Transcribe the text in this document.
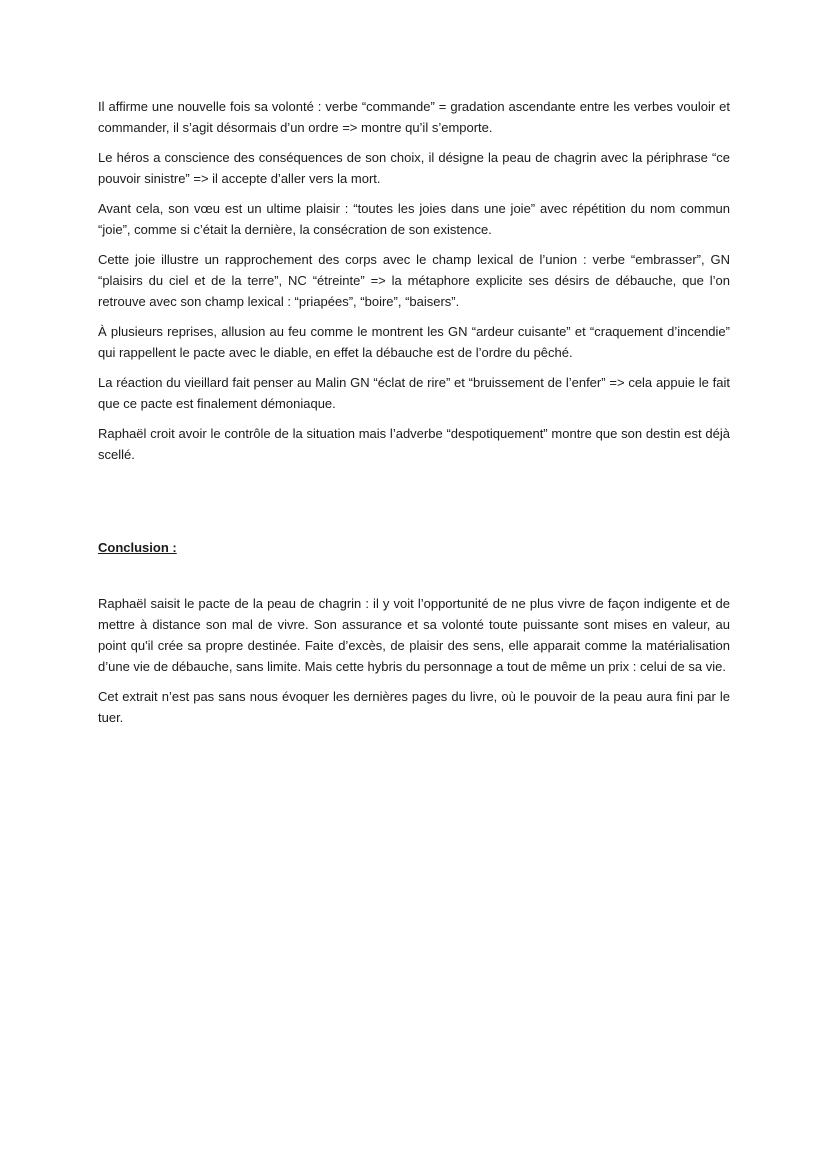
Il affirme une nouvelle fois sa volonté : verbe “commande” = gradation ascendante entre les verbes vouloir et commander, il s’agit désormais d’un ordre => montre qu’il s’emporte.

Le héros a conscience des conséquences de son choix, il désigne la peau de chagrin avec la périphrase “ce pouvoir sinistre” => il accepte d’aller vers la mort.

Avant cela, son vœu est un ultime plaisir : “toutes les joies dans une joie” avec répétition du nom commun “joie”, comme si c’était la dernière, la consécration de son existence.

Cette joie illustre un rapprochement des corps avec le champ lexical de l’union : verbe “embrasser”, GN “plaisirs du ciel et de la terre”, NC “étreinte” => la métaphore explicite ses désirs de débauche, que l’on retrouve avec son champ lexical : “priapées”, “boire”, “baisers”.

À plusieurs reprises, allusion au feu comme le montrent les GN “ardeur cuisante” et “craquement d’incendie” qui rappellent le pacte avec le diable, en effet la débauche est de l’ordre du pêché.

La réaction du vieillard fait penser au Malin GN “éclat de rire” et “bruissement de l’enfer” => cela appuie le fait que ce pacte est finalement démoniaque.

Raphaël croit avoir le contrôle de la situation mais l’adverbe “despotiquement” montre que son destin est déjà scellé.

Conclusion :

Raphaël saisit le pacte de la peau de chagrin : il y voit l’opportunité de ne plus vivre de façon indigente et de mettre à distance son mal de vivre. Son assurance et sa volonté toute puissante sont mises en valeur, au point qu'il crée sa propre destinée. Faite d’excès, de plaisir des sens, elle apparait comme la matérialisation d’une vie de débauche, sans limite. Mais cette hybris du personnage a tout de même un prix : celui de sa vie.

Cet extrait n’est pas sans nous évoquer les dernières pages du livre, où le pouvoir de la peau aura fini par le tuer.
